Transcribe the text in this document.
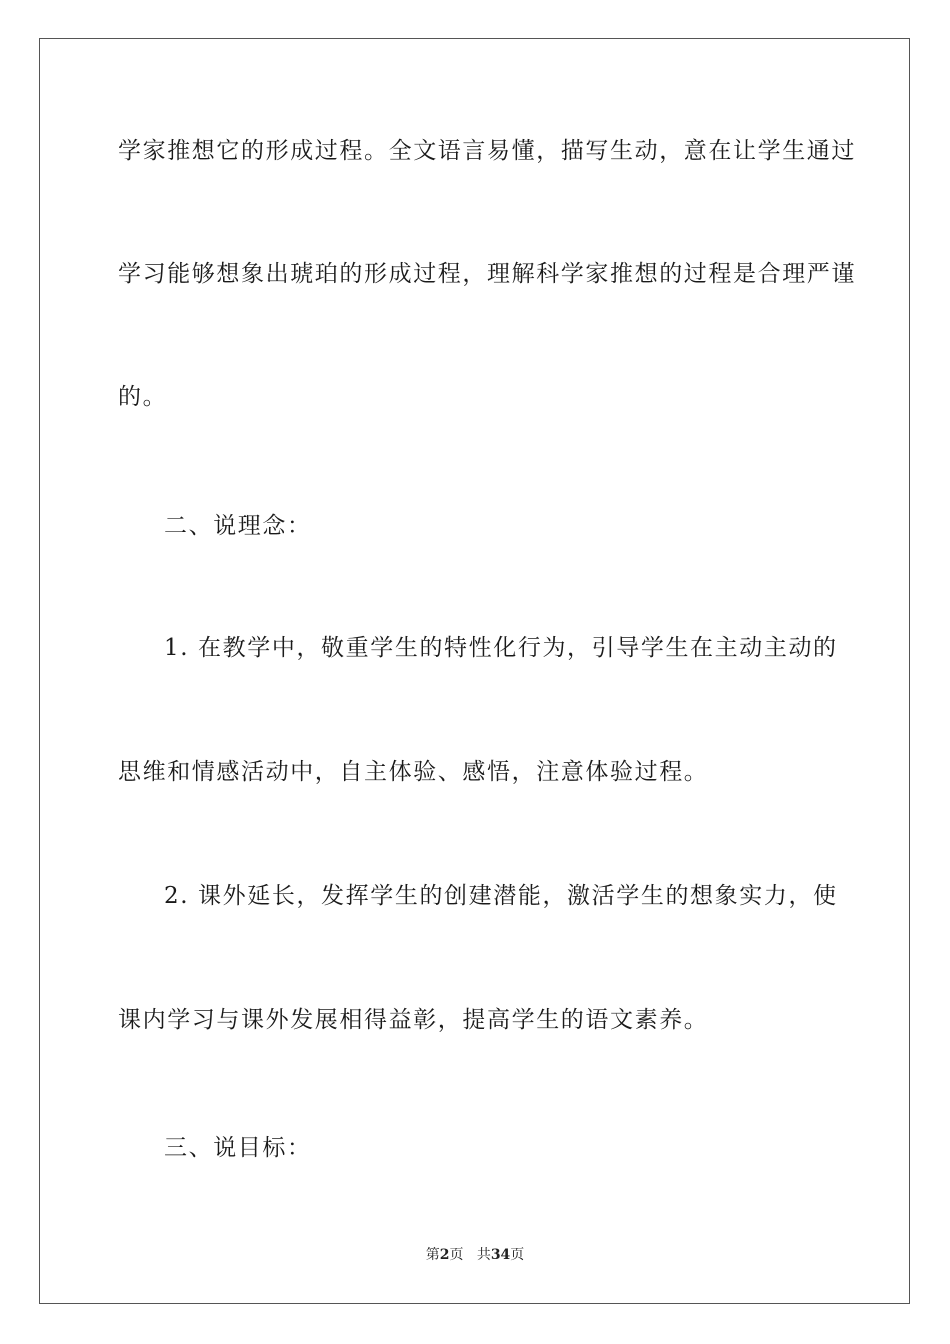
学家推想它的形成过程。全文语言易懂，描写生动，意在让学生通过
学习能够想象出琥珀的形成过程，理解科学家推想的过程是合理严谨
的。
二、说理念：
1. 在教学中，敬重学生的特性化行为，引导学生在主动主动的
思维和情感活动中，自主体验、感悟，注意体验过程。
2. 课外延长，发挥学生的创建潜能，激活学生的想象实力，使
课内学习与课外发展相得益彰，提高学生的语文素养。
三、说目标：
第2页 共34页
